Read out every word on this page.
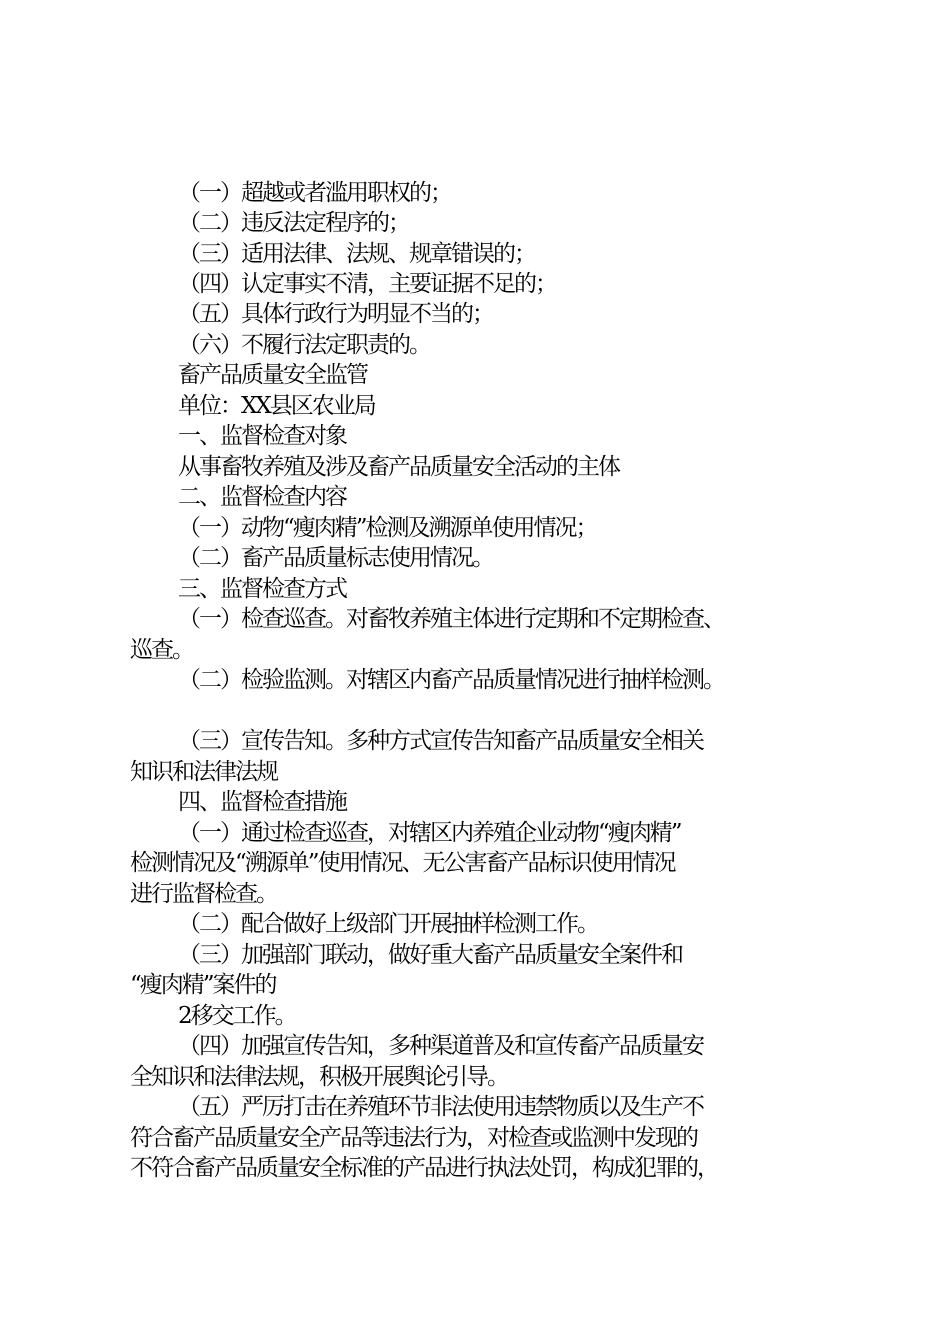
（一）超越或者滥用职权的；
（二）违反法定程序的；
（三）适用法律、法规、规章错误的；
（四）认定事实不清，主要证据不足的；
（五）具体行政行为明显不当的；
（六）不履行法定职责的。
畜产品质量安全监管
单位：XX县区农业局
一、监督检查对象
从事畜牧养殖及涉及畜产品质量安全活动的主体
二、监督检查内容
（一）动物“瘦肉精”检测及溯源单使用情况；
（二）畜产品质量标志使用情况。
三、监督检查方式
（一）检查巡查。对畜牧养殖主体进行定期和不定期检查、
巡查。
（二）检验监测。对辖区内畜产品质量情况进行抽样检测。
（三）宣传告知。多种方式宣传告知畜产品质量安全相关
知识和法律法规
四、监督检查措施
（一）通过检查巡查，对辖区内养殖企业动物“瘦肉精”
检测情况及“溯源单”使用情况、无公害畜产品标识使用情况
进行监督检查。
（二）配合做好上级部门开展抽样检测工作。
（三）加强部门联动，做好重大畜产品质量安全案件和
“瘦肉精”案件的
2移交工作。
（四）加强宣传告知，多种渠道普及和宣传畜产品质量安
全知识和法律法规，积极开展舆论引导。
（五）严厉打击在养殖环节非法使用违禁物质以及生产不
符合畜产品质量安全产品等违法行为，对检查或监测中发现的
不符合畜产品质量安全标准的产品进行执法处罚，构成犯罪的，
